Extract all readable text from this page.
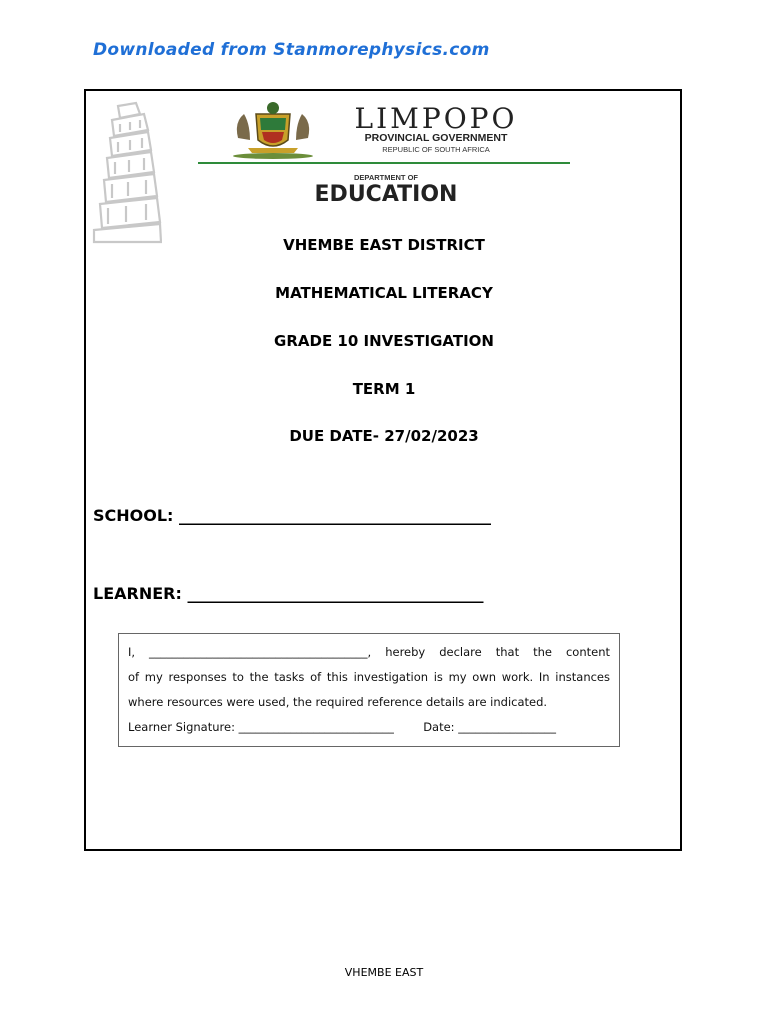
Downloaded from Stanmorephysics.com
LIMPOPO
PROVINCIAL GOVERNMENT
REPUBLIC OF SOUTH AFRICA
DEPARTMENT OF
EDUCATION
VHEMBE EAST DISTRICT
MATHEMATICAL LITERACY
GRADE 10 INVESTIGATION
TERM 1
DUE DATE- 27/02/2023
SCHOOL: _______________________________________
LEARNER: _____________________________________
I, ______________________________________, hereby declare that the content
of my responses to the tasks of this investigation is my own work. In instances
where resources were used, the required reference details are indicated.
Learner Signature: ___________________________	Date: _________________
VHEMBE EAST
